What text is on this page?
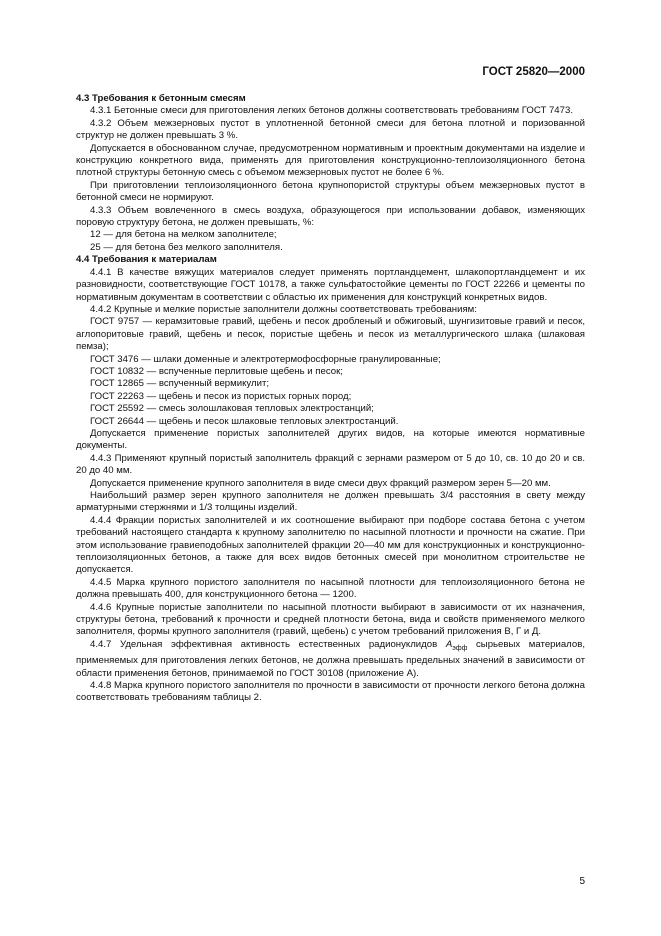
ГОСТ 25820—2000

4.3 Требования к бетонным смесям

4.3.1 Бетонные смеси для приготовления легких бетонов должны соответствовать требованиям ГОСТ 7473.

4.3.2 Объем межзерновых пустот в уплотненной бетонной смеси для бетона плотной и поризованной структур не должен превышать 3 %.

Допускается в обоснованном случае, предусмотренном нормативным и проектным документами на изделие и конструкцию конкретного вида, применять для приготовления конструкционно-теплоизоляционного бетона плотной структуры бетонную смесь с объемом межзерновых пустот не более 6 %.

При приготовлении теплоизоляционного бетона крупнопористой структуры объем межзерновых пустот в бетонной смеси не нормируют.

4.3.3 Объем вовлеченного в смесь воздуха, образующегося при использовании добавок, изменяющих поровую структуру бетона, не должен превышать, %:

12 — для бетона на мелком заполнителе;

25 — для бетона без мелкого заполнителя.

4.4 Требования к материалам

4.4.1 В качестве вяжущих материалов следует применять портландцемент, шлакопортландцемент и их разновидности, соответствующие ГОСТ 10178, а также сульфатостойкие цементы по ГОСТ 22266 и цементы по нормативным документам в соответствии с областью их применения для конструкций конкретных видов.

4.4.2 Крупные и мелкие пористые заполнители должны соответствовать требованиям:

ГОСТ 9757 — керамзитовые гравий, щебень и песок дробленый и обжиговый, шунгизитовые гравий и песок, аглопоритовые гравий, щебень и песок, пористые щебень и песок из металлургического шлака (шлаковая пемза);

ГОСТ 3476 — шлаки доменные и электротермофосфорные гранулированные;

ГОСТ 10832 — вспученные перлитовые щебень и песок;

ГОСТ 12865 — вспученный вермикулит;

ГОСТ 22263 — щебень и песок из пористых горных пород;

ГОСТ 25592 — смесь золошлаковая тепловых электростанций;

ГОСТ 26644 — щебень и песок шлаковые тепловых электростанций.

Допускается применение пористых заполнителей других видов, на которые имеются нормативные документы.

4.4.3 Применяют крупный пористый заполнитель фракций с зернами размером от 5 до 10, св. 10 до 20 и св. 20 до 40 мм.

Допускается применение крупного заполнителя в виде смеси двух фракций размером зерен 5—20 мм.

Наибольший размер зерен крупного заполнителя не должен превышать 3/4 расстояния в свету между арматурными стержнями и 1/3 толщины изделий.

4.4.4 Фракции пористых заполнителей и их соотношение выбирают при подборе состава бетона с учетом требований настоящего стандарта к крупному заполнителю по насыпной плотности и прочности на сжатие. При этом использование гравиеподобных заполнителей фракции 20—40 мм для конструкционных и конструкционно-теплоизоляционных бетонов, а также для всех видов бетонных смесей при монолитном строительстве не допускается.

4.4.5 Марка крупного пористого заполнителя по насыпной плотности для теплоизоляционного бетона не должна превышать 400, для конструкционного бетона — 1200.

4.4.6 Крупные пористые заполнители по насыпной плотности выбирают в зависимости от их назначения, структуры бетона, требований к прочности и средней плотности бетона, вида и свойств применяемого мелкого заполнителя, формы крупного заполнителя (гравий, щебень) с учетом требований приложения В, Г и Д.

4.4.7 Удельная эффективная активность естественных радионуклидов $A_{эфф}$ сырьевых материалов, применяемых для приготовления легких бетонов, не должна превышать предельных значений в зависимости от области применения бетонов, принимаемой по ГОСТ 30108 (приложение А).

4.4.8 Марка крупного пористого заполнителя по прочности в зависимости от прочности легкого бетона должна соответствовать требованиям таблицы 2.

5
